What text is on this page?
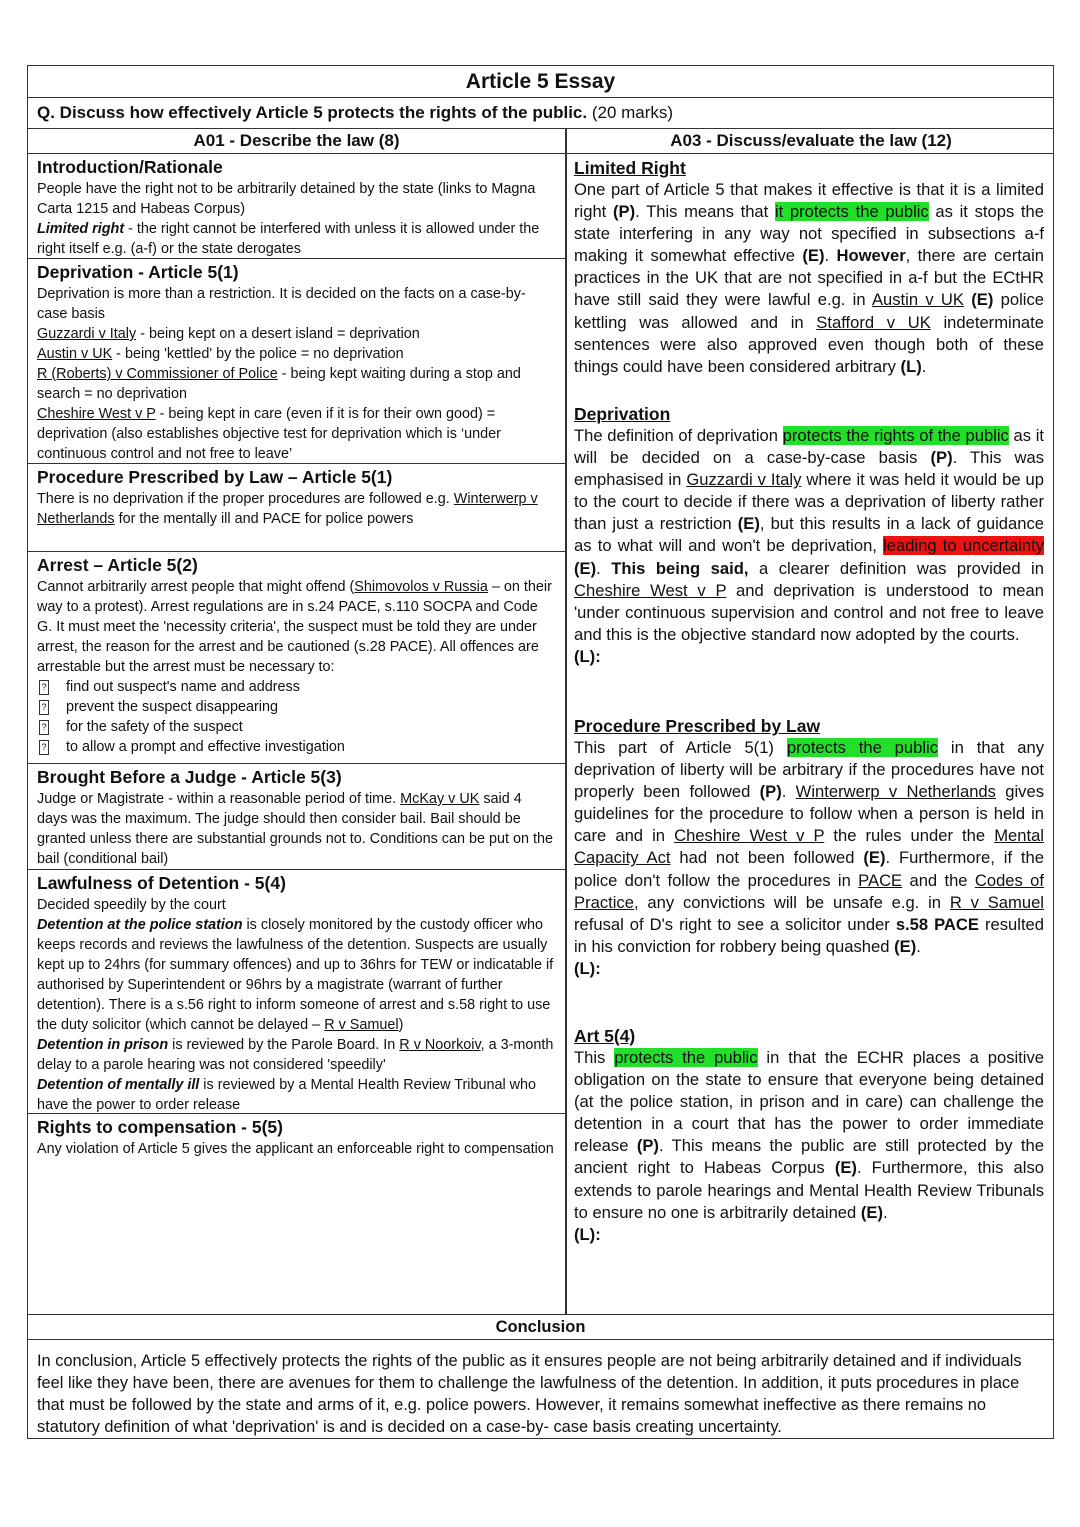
Article 5 Essay
Q. Discuss how effectively Article 5 protects the rights of the public. (20 marks)
A01 - Describe the law (8)	A03 - Discuss/evaluate the law (12)
Introduction/Rationale

People have the right not to be arbitrarily detained by the state (links to Magna Carta 1215 and Habeas Corpus)

Limited right - the right cannot be interfered with unless it is allowed under the right itself e.g. (a-f) or the state derogates

Deprivation - Article 5(1)

Deprivation is more than a restriction. It is decided on the facts on a case-by-case basis

Guzzardi v Italy - being kept on a desert island = deprivation

Austin v UK - being 'kettled' by the police = no deprivation

R (Roberts) v Commissioner of Police - being kept waiting during a stop and search = no deprivation

Cheshire West v P - being kept in care (even if it is for their own good) = deprivation (also establishes objective test for deprivation which is ‘under continuous control and not free to leave’

Procedure Prescribed by Law – Article 5(1)

There is no deprivation if the proper procedures are followed e.g. Winterwerp v Netherlands for the mentally ill and PACE for police powers

Arrest – Article 5(2)

Cannot arbitrarily arrest people that might offend (Shimovolos v Russia – on their way to a protest). Arrest regulations are in s.24 PACE, s.110 SOCPA and Code G. It must meet the 'necessity criteria', the suspect must be told they are under arrest, the reason for the arrest and be cautioned (s.28 PACE). All offences are arrestable but the arrest must be necessary to:

? find out suspect's name and address
? prevent the suspect disappearing
? for the safety of the suspect
? to allow a prompt and effective investigation
Brought Before a Judge - Article 5(3)

Judge or Magistrate - within a reasonable period of time. McKay v UK said 4 days was the maximum. The judge should then consider bail. Bail should be granted unless there are substantial grounds not to. Conditions can be put on the bail (conditional bail)

Lawfulness of Detention - 5(4)

Decided speedily by the court

Detention at the police station is closely monitored by the custody officer who keeps records and reviews the lawfulness of the detention. Suspects are usually kept up to 24hrs (for summary offences) and up to 36hrs for TEW or indicatable if authorised by Superintendent or 96hrs by a magistrate (warrant of further detention). There is a s.56 right to inform someone of arrest and s.58 right to use the duty solicitor (which cannot be delayed – R v Samuel)

Detention in prison is reviewed by the Parole Board. In R v Noorkoiv, a 3-month delay to a parole hearing was not considered 'speedily'

Detention of mentally ill is reviewed by a Mental Health Review Tribunal who have the power to order release

Rights to compensation - 5(5)

Any violation of Article 5 gives the applicant an enforceable right to compensation

Limited Right

One part of Article 5 that makes it effective is that it is a limited right (P). This means that it protects the public as it stops the state interfering in any way not specified in subsections a-f making it somewhat effective (E). However, there are certain practices in the UK that are not specified in a-f but the ECtHR have still said they were lawful e.g. in Austin v UK (E) police kettling was allowed and in Stafford v UK indeterminate sentences were also approved even though both of these things could have been considered arbitrary (L).

Deprivation

The definition of deprivation protects the rights of the public as it will be decided on a case-by-case basis (P). This was emphasised in Guzzardi v Italy where it was held it would be up to the court to decide if there was a deprivation of liberty rather than just a restriction (E), but this results in a lack of guidance as to what will and won't be deprivation, leading to uncertainty (E). This being said, a clearer definition was provided in Cheshire West v P and deprivation is understood to mean 'under continuous supervision and control and not free to leave and this is the objective standard now adopted by the courts.

(L):

Procedure Prescribed by Law

This part of Article 5(1) protects the public in that any deprivation of liberty will be arbitrary if the procedures have not properly been followed (P). Winterwerp v Netherlands gives guidelines for the procedure to follow when a person is held in care and in Cheshire West v P the rules under the Mental Capacity Act had not been followed (E). Furthermore, if the police don't follow the procedures in PACE and the Codes of Practice, any convictions will be unsafe e.g. in R v Samuel refusal of D's right to see a solicitor under s.58 PACE resulted in his conviction for robbery being quashed (E).

(L):

Art 5(4)

This protects the public in that the ECHR places a positive obligation on the state to ensure that everyone being detained (at the police station, in prison and in care) can challenge the detention in a court that has the power to order immediate release (P). This means the public are still protected by the ancient right to Habeas Corpus (E). Furthermore, this also extends to parole hearings and Mental Health Review Tribunals to ensure no one is arbitrarily detained (E).

(L):

Conclusion
In conclusion, Article 5 effectively protects the rights of the public as it ensures people are not being arbitrarily detained and if individuals feel like they have been, there are avenues for them to challenge the lawfulness of the detention. In addition, it puts procedures in place that must be followed by the state and arms of it, e.g. police powers. However, it remains somewhat ineffective as there remains no statutory definition of what 'deprivation' is and is decided on a case-by- case basis creating uncertainty.
